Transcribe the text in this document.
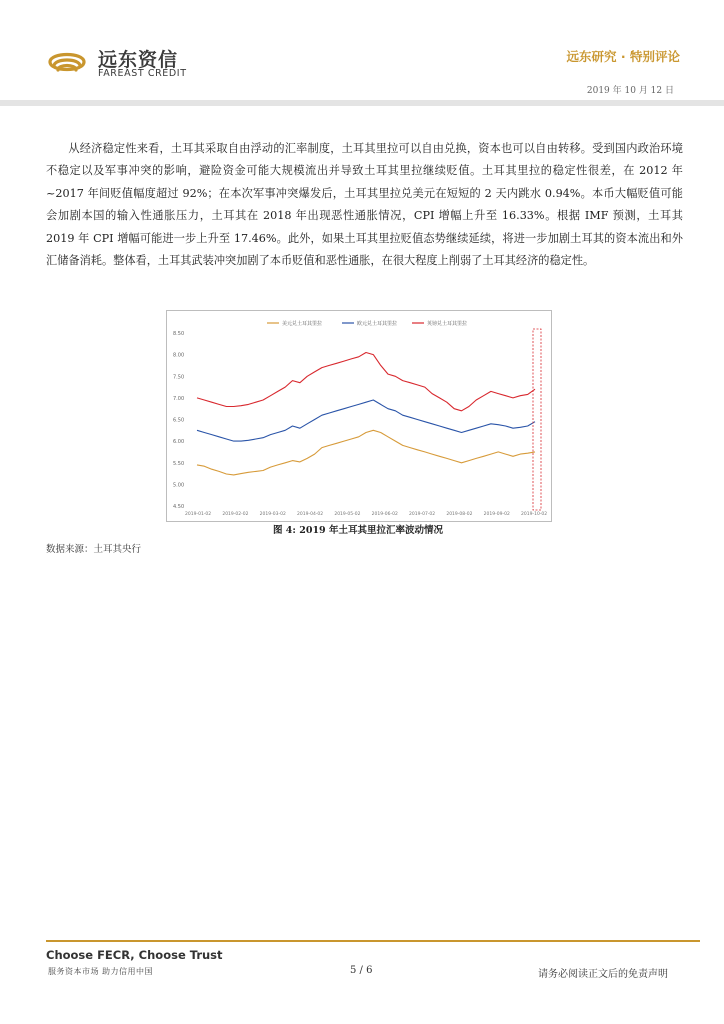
远东资信
FAREAST CREDIT
远东研究 · 特别评论
2019 年 10 月 12 日
从经济稳定性来看，土耳其采取自由浮动的汇率制度，土耳其里拉可以自由兑换，资本也可以自由转移。受到国内政治环境不稳定以及军事冲突的影响，避险资金可能大规模流出并导致土耳其里拉继续贬值。土耳其里拉的稳定性很差，在 2012 年~2017 年间贬值幅度超过 92%；在本次军事冲突爆发后，土耳其里拉兑美元在短短的 2 天内跳水 0.94%。本币大幅贬值可能会加剧本国的输入性通胀压力，土耳其在 2018 年出现恶性通胀情况，CPI 增幅上升至 16.33%。根据 IMF 预测，土耳其 2019 年 CPI 增幅可能进一步上升至 17.46%。此外，如果土耳其里拉贬值态势继续延续，将进一步加剧土耳其的资本流出和外汇储备消耗。整体看，土耳其武装冲突加剧了本币贬值和恶性通胀，在很大程度上削弱了土耳其经济的稳定性。
8.50
8.00
7.50
7.00
6.50
6.00
5.50
5.00
4.50
2019-01-02 2019-02-02 2019-03-02 2019-04-02 2019-05-02 2019-06-02 2019-07-02 2019-08-02 2019-09-02 2019-10-02
美元兑土耳其里拉	欧元兑土耳其里拉	英镑兑土耳其里拉
图 4: 2019 年土耳其里拉汇率波动情况
数据来源：土耳其央行
Choose FECR, Choose Trust
服务资本市场 助力信用中国	5 / 6	请务必阅读正文后的免责声明
